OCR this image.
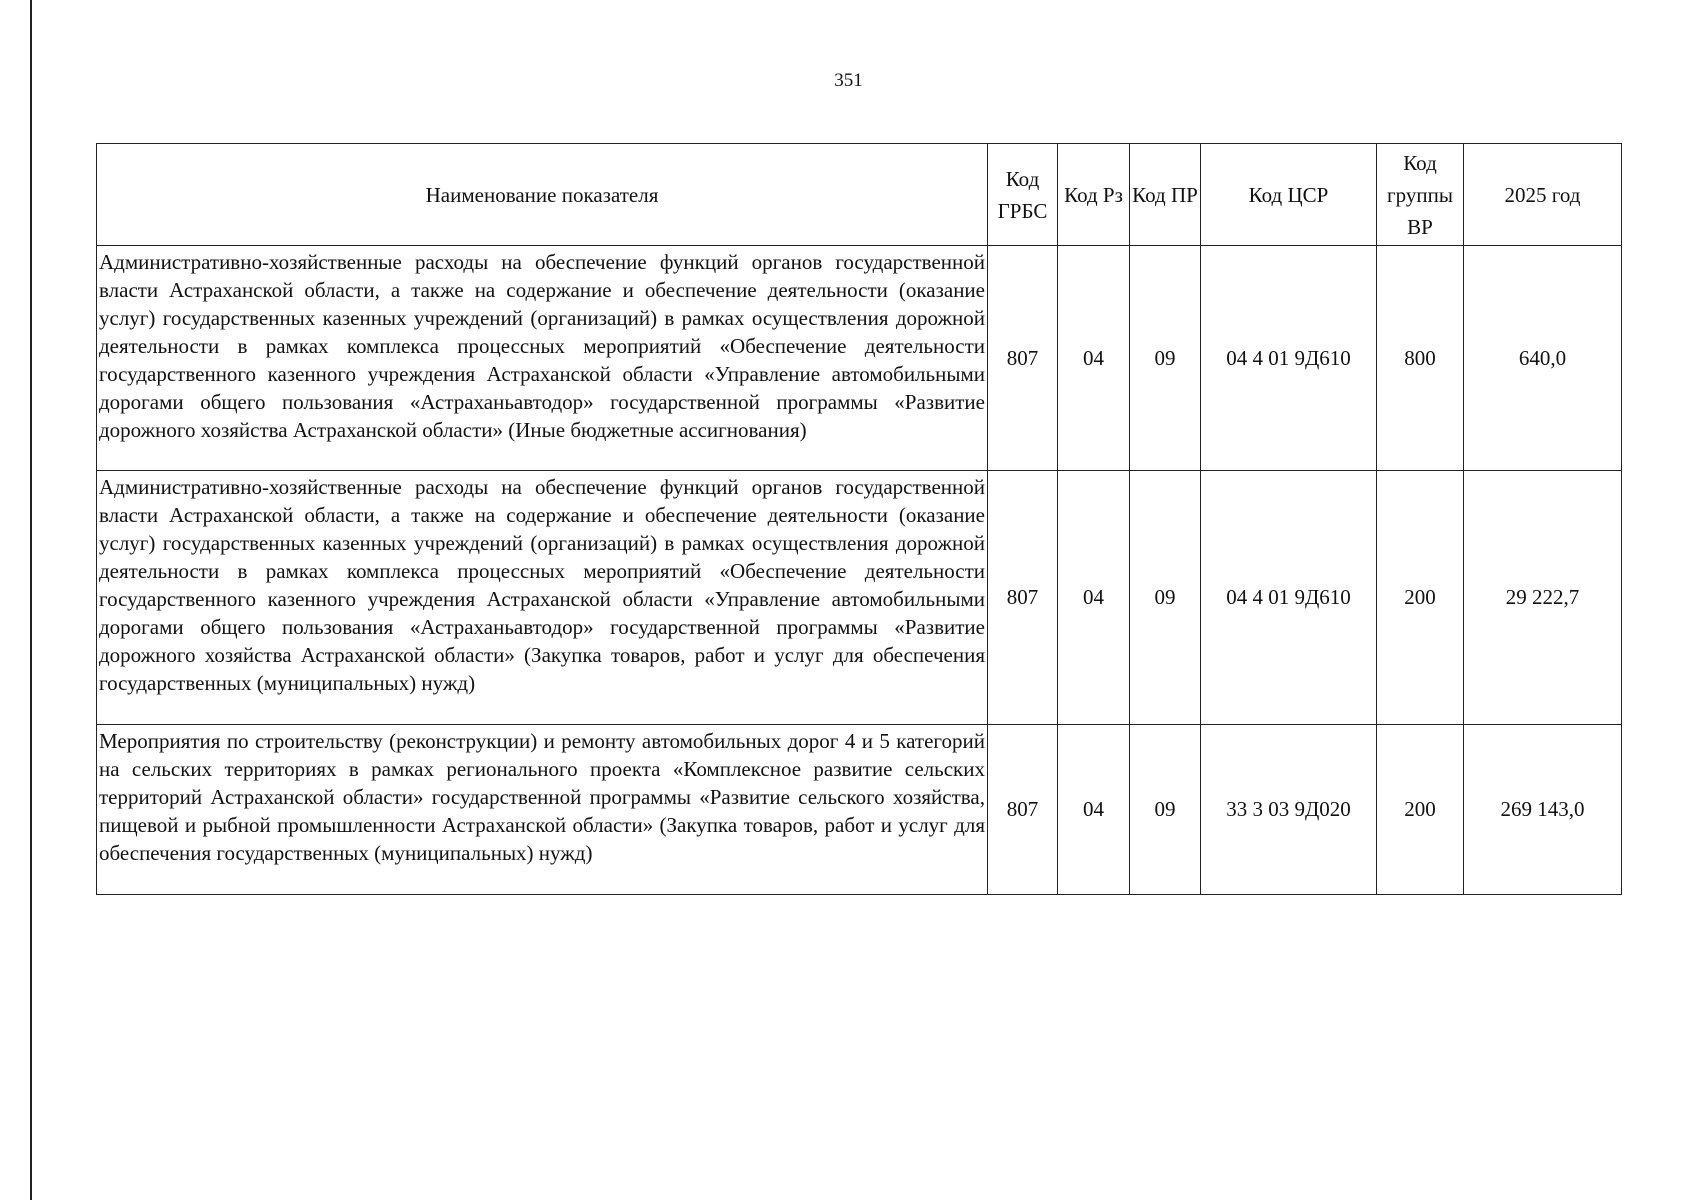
351
Наименование показателя	Код ГРБС	Код Рз	Код ПР	Код ЦСР	Код группы ВР	2025 год
Административно-хозяйственные расходы на обеспечение функций органов государственной власти Астраханской области, а также на содержание и обеспечение деятельности (оказание услуг) государственных казенных учреждений (организаций) в рамках осуществления дорожной деятельности в рамках комплекса процессных мероприятий «Обеспечение деятельности государственного казенного учреждения Астраханской области «Управление автомобильными дорогами общего пользования «Астраханьавтодор» государственной программы «Развитие дорожного хозяйства Астраханской области» (Иные бюджетные ассигнования)	807	04	09	04 4 01 9Д610	800	640,0
Административно-хозяйственные расходы на обеспечение функций органов государственной власти Астраханской области, а также на содержание и обеспечение деятельности (оказание услуг) государственных казенных учреждений (организаций) в рамках осуществления дорожной деятельности в рамках комплекса процессных мероприятий «Обеспечение деятельности государственного казенного учреждения Астраханской области «Управление автомобильными дорогами общего пользования «Астраханьавтодор» государственной программы «Развитие дорожного хозяйства Астраханской области» (Закупка товаров, работ и услуг для обеспечения государственных (муниципальных) нужд)	807	04	09	04 4 01 9Д610	200	29 222,7
Мероприятия по строительству (реконструкции) и ремонту автомобильных дорог 4 и 5 категорий на сельских территориях в рамках регионального проекта «Комплексное развитие сельских территорий Астраханской области» государственной программы «Развитие сельского хозяйства, пищевой и рыбной промышленности Астраханской области» (Закупка товаров, работ и услуг для обеспечения государственных (муниципальных) нужд)	807	04	09	33 3 03 9Д020	200	269 143,0
